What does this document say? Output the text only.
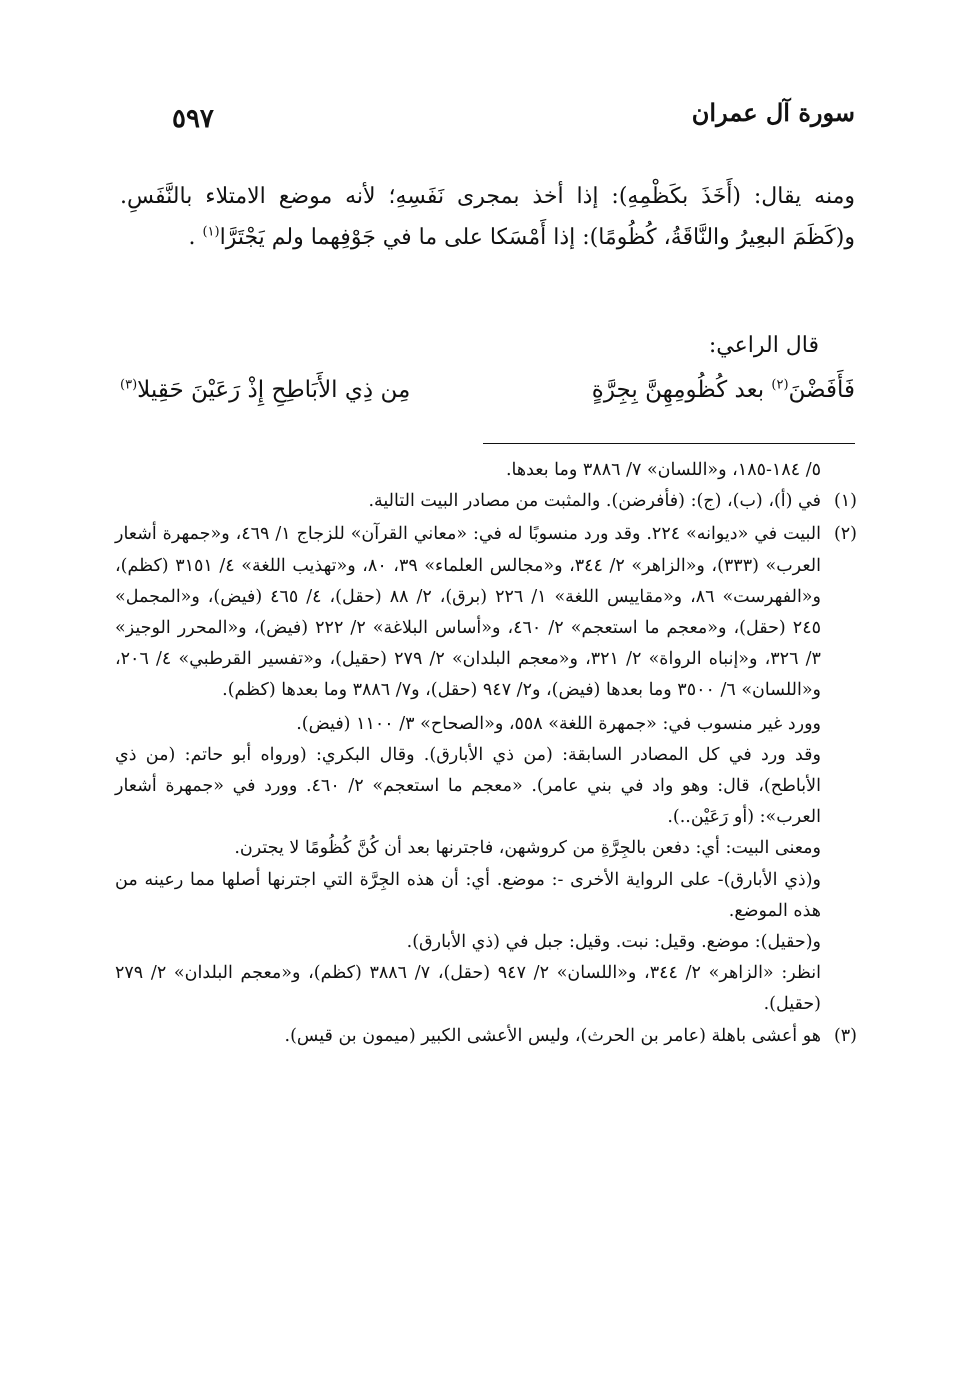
سورة آل عمران
٥٩٧

ومنه يقال: (أَخَذَ بكَظْمِهِ): إذا أخذ بمجرى نَفَسِهِ؛ لأنه موضع الامتلاء بالنَّفَسِ. و(كَظَمَ البعِيرُ والنَّاقَةُ، كُظُومًا): إذا أَمْسَكا على ما في جَوْفِهما ولم يَجْتَرَّا$^{(١)}$ .

قال الراعي:
فَأَفَضْنَ$^{(٢)}$ بعد كُظُومِهِنَّ بِجِرَّةٍ
مِن ذِي الأَبَاطِحِ إِذْ رَعَيْنَ حَقِيلا$^{(٣)}$

٥/ ١٨٤-١٨٥، و«اللسان» ٧/ ٣٨٨٦ وما بعدها.

(١)
في (أ)، (ب)، (ج): (فأفرضن). والمثبت من مصادر البيت التالية.
(٢)
البيت في «ديوانه» ٢٢٤. وقد ورد منسوبًا له في: «معاني القرآن» للزجاج ١/ ٤٦٩، و«جمهرة أشعار العرب» (٣٣٣)، و«الزاهر» ٢/ ٣٤٤، و«مجالس العلماء» ٣٩، ٨٠، و«تهذيب اللغة» ٤/ ٣١٥١ (كظم)، و«الفهرست» ٨٦، و«مقاييس اللغة» ١/ ٢٢٦ (برق)، ٢/ ٨٨ (حقل)، ٤/ ٤٦٥ (فيض)، و«المجمل» ٢٤٥ (حقل)، و«معجم ما استعجم» ٢/ ٤٦٠، و«أساس البلاغة» ٢/ ٢٢٢ (فيض)، و«المحرر الوجيز» ٣/ ٣٢٦، و«إنباه الرواة» ٢/ ٣٢١، و«معجم البلدان» ٢/ ٢٧٩ (حقيل)، و«تفسير القرطبي» ٤/ ٢٠٦، و«اللسان» ٦/ ٣٥٠٠ وما بعدها (فيض)، و٢/ ٩٤٧ (حقل)، و٧/ ٣٨٨٦ وما بعدها (كظم).
وورد غير منسوب في: «جمهرة اللغة» ٥٥٨، و«الصحاح» ٣/ ١١٠٠ (فيض).
وقد ورد في كل المصادر السابقة: (من ذي الأبارق). وقال البكري: (ورواه أبو حاتم: (من ذي الأباطح)، قال: وهو واد في بني عامر). «معجم ما استعجم» ٢/ ٤٦٠. وورد في «جمهرة أشعار العرب»: (أو رَعَيْن..).
ومعنى البيت: أي: دفعن بالجِرَّةِ من كروشهن، فاجترنها بعد أن كُنَّ كُظُومًا لا يجترن.
و(ذي الأبارق)- على الرواية الأخرى -: موضع. أي: أن هذه الجِرَّة التي اجترنها أصلها مما رعينه من هذه الموضع.
و(حقيل): موضع. وقيل: نبت. وقيل: جبل في (ذي الأبارق).
انظر: «الزاهر» ٢/ ٣٤٤، و«اللسان» ٢/ ٩٤٧ (حقل)، ٧/ ٣٨٨٦ (كظم)، و«معجم البلدان» ٢/ ٢٧٩ (حقيل).
(٣)
هو أعشى باهلة (عامر بن الحرث)، وليس الأعشى الكبير (ميمون بن قيس).
